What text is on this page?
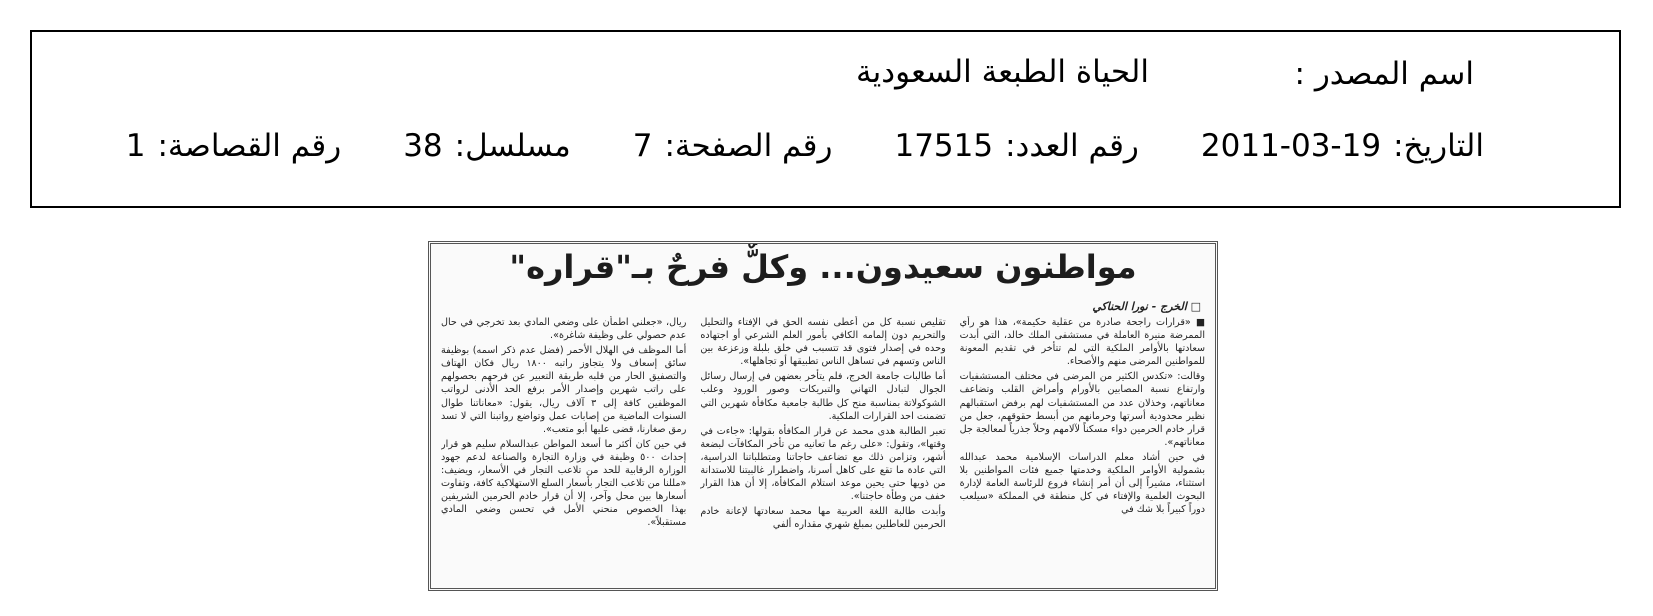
اسم المصدر :
الحياة الطبعة السعودية
التاريخ:
2011-03-19
رقم العدد:
17515
رقم الصفحة:
7
مسلسل:
38
رقم القصاصة:
1
مواطنون سعيدون... وكلٌّ فرحٌ بـ"قراره"
□ الخرج - نورا الحناكي

■ «قرارات راجحة صادرة من عقلية حكيمة»، هذا هو رأي الممرضة منيرة العاملة في مستشفى الملك خالد، التي أبدت سعادتها بالأوامر الملكية التي لم تتأخر في تقديم المعونة للمواطنين المرضى منهم والأصحاء.

وقالت: «تكدس الكثير من المرضى في مختلف المستشفيات وارتفاع نسبة المصابين بالأورام وأمراض القلب وتضاعف معاناتهم، وخذلان عدد من المستشفيات لهم برفض استقبالهم نظير محدودية أسرتها وحرمانهم من أبسط حقوقهم، جعل من قرار خادم الحرمين دواء مسكناً لآلامهم وحلاً جذرياً لمعالجة جل معاناتهم».

في حين أشاد معلم الدراسات الإسلامية محمد عبدالله بشمولية الأوامر الملكية وخدمتها جميع فئات المواطنين بلا استثناء، مشيراً إلى أن أمر إنشاء فروع للرئاسة العامة لإدارة البحوث العلمية والإفتاء في كل منطقة في المملكة «سيلعب دوراً كبيراً بلا شك في

تقليص نسبة كل من أعطى نفسه الحق في الإفتاء والتحليل والتحريم دون إلمامه الكافي بأمور العلم الشرعي أو اجتهاده وحده في إصدار فتوى قد تتسبب في خلق بلبلة وزعزعة بين الناس وتسهم في تساهل الناس تطبيقها أو تجاهلها».

أما طالبات جامعة الخرج، فلم يتأخر بعضهن في إرسال رسائل الجوال لتبادل التهاني والتبريكات وصور الورود وعلب الشوكولاتة بمناسبة منح كل طالبة جامعية مكافأة شهرين التي تضمنت احد القرارات الملكية.

تعبر الطالبة هدى محمد عن قرار المكافأة بقولها: «جاءت في وقتها»، وتقول: «على رغم ما تعانيه من تأخر المكافآت لبضعة أشهر، وتزامن ذلك مع تضاعف حاجاتنا ومتطلباتنا الدراسية، التي عادة ما تقع على كاهل أسرنا، واضطرار غالبيتنا للاستدانة من ذويها حتى يحين موعد استلام المكافأة، إلا أن هذا القرار خفف من وطأة حاجتنا».

وأبدت طالبة اللغة العربية مها محمد سعادتها لإعانة خادم الحرمين للعاطلين بمبلغ شهري مقداره ألفي

ريال، «جعلني اطمأن على وضعي المادي بعد تخرجي في حال عدم حصولي على وظيفة شاغرة».

أما الموظف في الهلال الأحمر (فضل عدم ذكر اسمه) بوظيفة سائق إسعاف ولا يتجاوز راتبه ١٨٠٠ ريال فكان الهتاف والتصفيق الحار من قلبه طريقة التعبير عن فرحهم بحصولهم على راتب شهرين وإصدار الأمر برفع الحد الأدنى لرواتب الموظفين كافة إلى ٣ آلاف ريال، يقول: «معاناتنا طوال السنوات الماضية من إصابات عمل وتواضع رواتبنا التي لا تسد رمق صغارنا، قضى عليها أبو متعب».

في حين كان أكثر ما أسعد المواطن عبدالسلام سليم هو قرار إحداث ٥٠٠ وظيفة في وزارة التجارة والصناعة لدعم جهود الوزارة الرقابية للحد من تلاعب التجار في الأسعار، ويضيف: «مللنا من تلاعب التجار بأسعار السلع الاستهلاكية كافة، وتفاوت أسعارها بين محل وآخر، إلا أن قرار خادم الحرمين الشريفين بهذا الخصوص منحني الأمل في تحسن وضعي المادي مستقبلاً».
